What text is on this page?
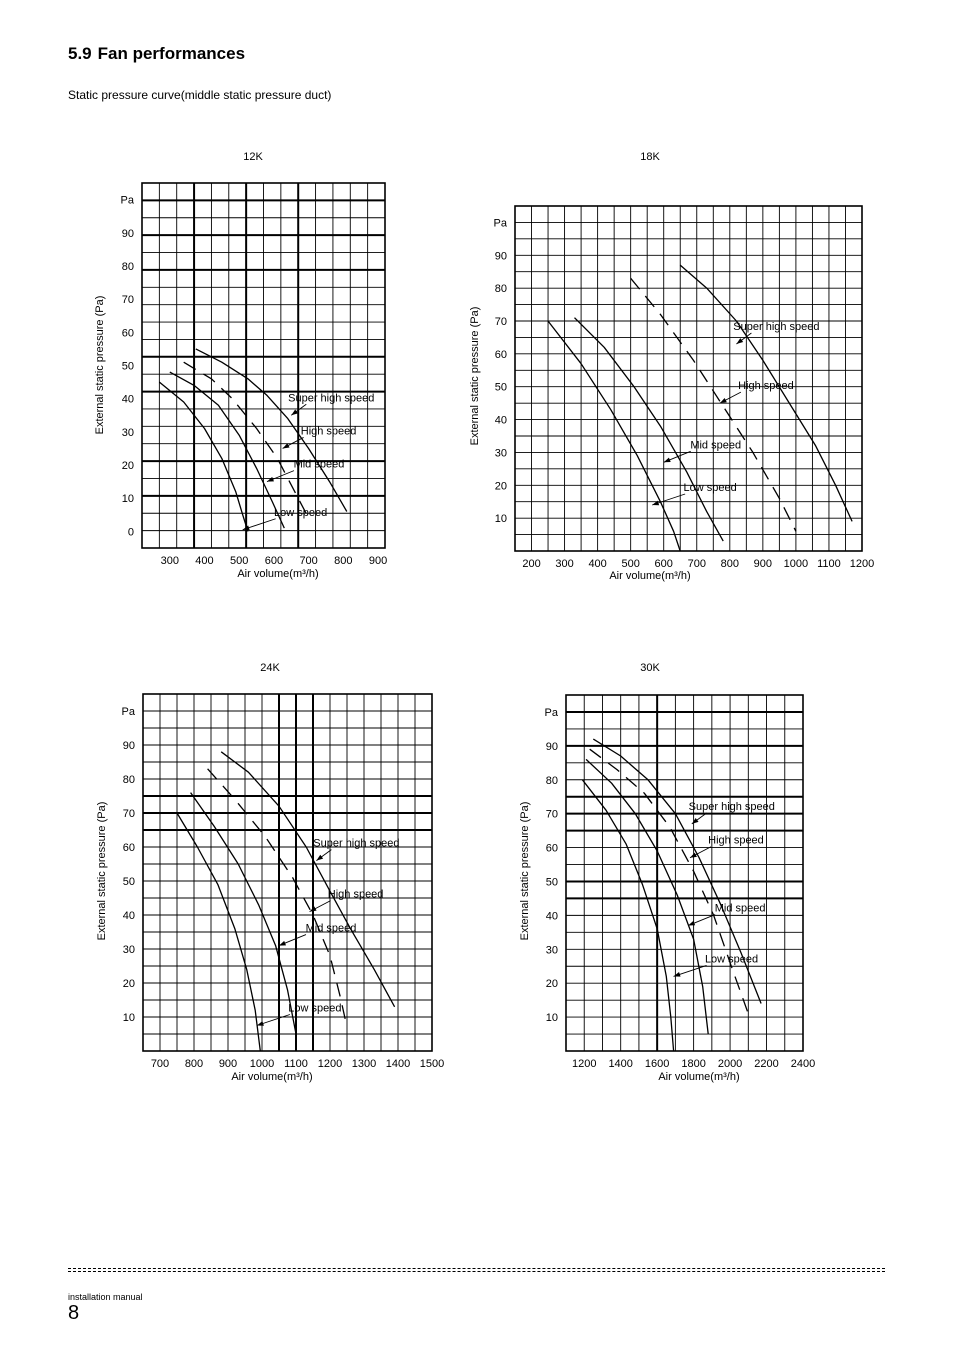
5.9 Fan performances
Static pressure curve(middle static pressure duct)
12K
0
10
20
30
40
50
60
70
80
90
Pa
300 400 500 600 700 800 900
Air volume(m³/h)
External static pressure (Pa)	Super high speed
High speed
Mid speed
Low speed
18K
10
20
30
40
50
60
70
80
90
Pa
200 300 400 500 600 700 800 900 1000 1100 1200
Air volume(m³/h)
External static pressure (Pa)	Super high speed
High speed
Mid speed
Low speed
24K
10
20
30
40
50
60
70
80
90
Pa
700 800 900 1000 1100 1200 1300 1400 1500
Air volume(m³/h)
External static pressure (Pa)	Super high speed
High speed
Mid speed
Low speed
30K
10
20
30
40
50
60
70
80
90
Pa
1200 1400 1600 1800 2000 2200 2400
Air volume(m³/h)
External static pressure (Pa)	Super high speed
High speed
Mid speed
Low speed
installation manual
8
